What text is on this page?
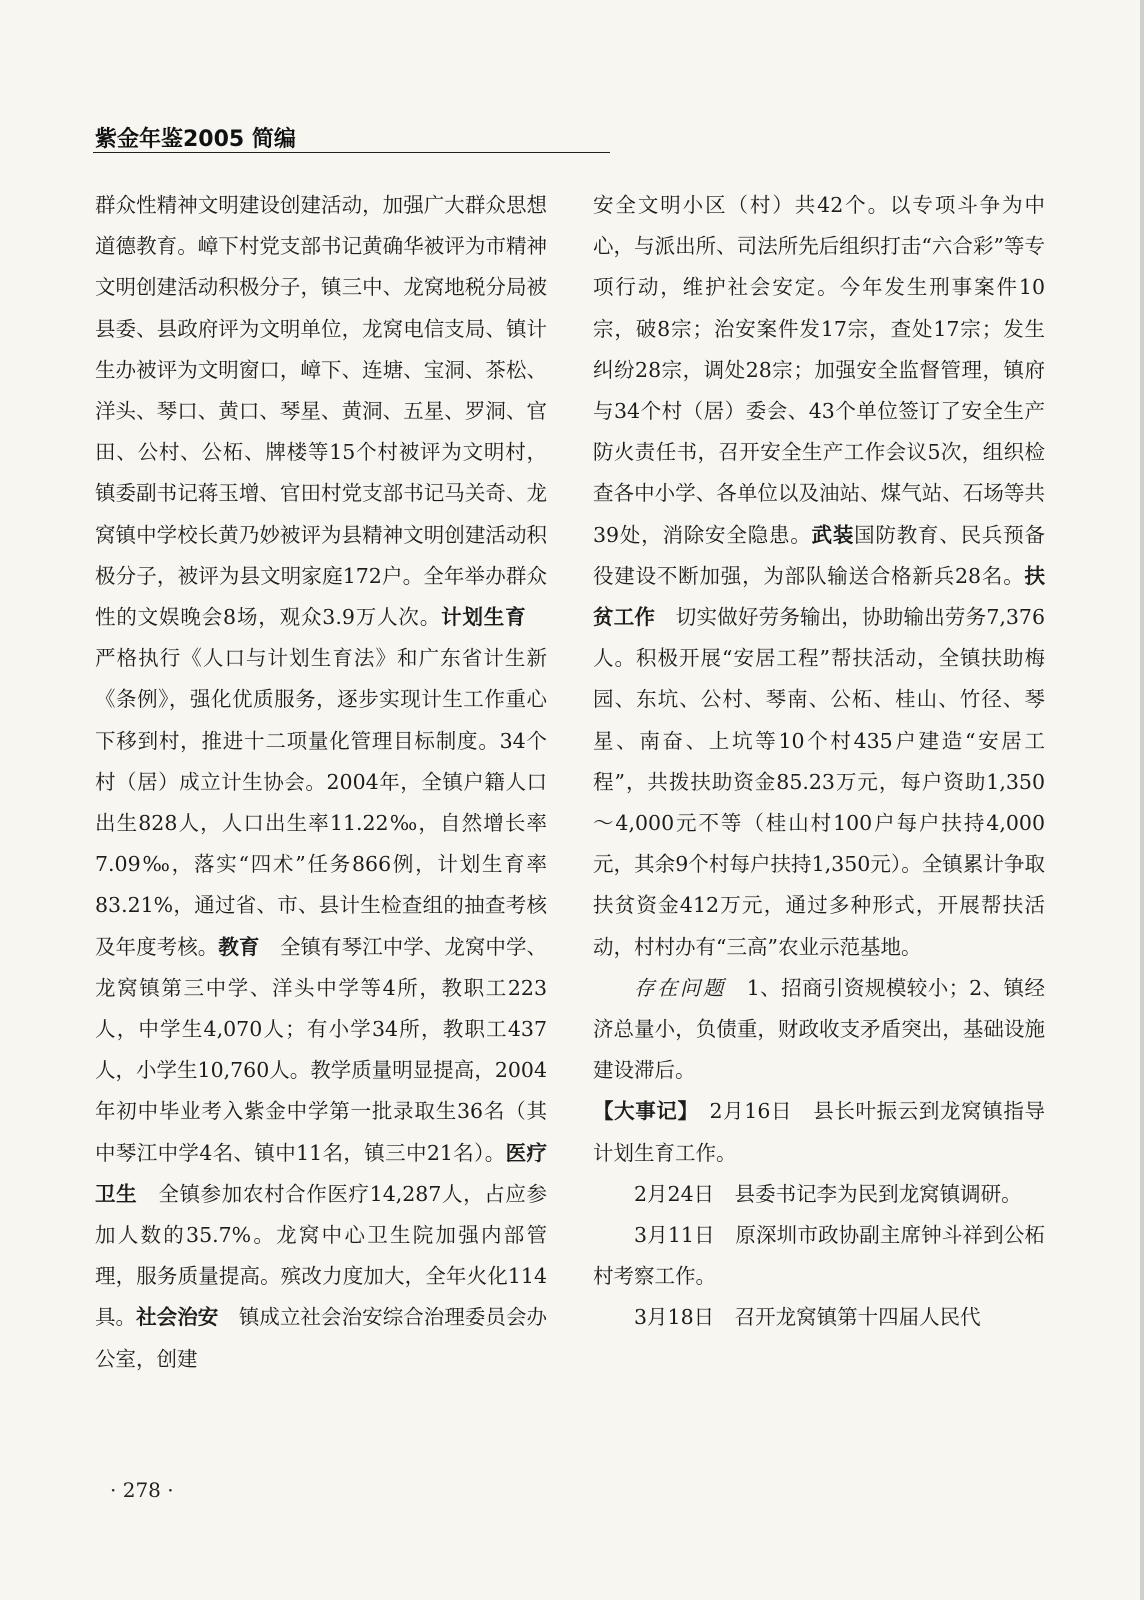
紫金年鉴2005 简编

群众性精神文明建设创建活动，加强广大群众思想道德教育。嶂下村党支部书记黄确华被评为市精神文明创建活动积极分子，镇三中、龙窝地税分局被县委、县政府评为文明单位，龙窝电信支局、镇计生办被评为文明窗口，嶂下、连塘、宝洞、茶松、洋头、琴口、黄口、琴星、黄洞、五星、罗洞、官田、公村、公柘、牌楼等15个村被评为文明村，镇委副书记蒋玉增、官田村党支部书记马关奇、龙窝镇中学校长黄乃妙被评为县精神文明创建活动积极分子，被评为县文明家庭172户。全年举办群众性的文娱晚会8场，观众3.9万人次。计划生育　严格执行《人口与计划生育法》和广东省计生新《条例》，强化优质服务，逐步实现计生工作重心下移到村，推进十二项量化管理目标制度。34个村（居）成立计生协会。2004年，全镇户籍人口出生828人，人口出生率11.22‰，自然增长率7.09‰，落实“四术”任务866例，计划生育率83.21%，通过省、市、县计生检查组的抽查考核及年度考核。教育　全镇有琴江中学、龙窝中学、龙窝镇第三中学、洋头中学等4所，教职工223人，中学生4,070人；有小学34所，教职工437人，小学生10,760人。教学质量明显提高，2004年初中毕业考入紫金中学第一批录取生36名（其中琴江中学4名、镇中11名，镇三中21名）。医疗卫生　全镇参加农村合作医疗14,287人，占应参加人数的35.7%。龙窝中心卫生院加强内部管理，服务质量提高。殡改力度加大，全年火化114具。社会治安　镇成立社会治安综合治理委员会办公室，创建

安全文明小区（村）共42个。以专项斗争为中心，与派出所、司法所先后组织打击“六合彩”等专项行动，维护社会安定。今年发生刑事案件10宗，破8宗；治安案件发17宗，查处17宗；发生纠纷28宗，调处28宗；加强安全监督管理，镇府与34个村（居）委会、43个单位签订了安全生产防火责任书，召开安全生产工作会议5次，组织检查各中小学、各单位以及油站、煤气站、石场等共39处，消除安全隐患。武装国防教育、民兵预备役建设不断加强，为部队输送合格新兵28名。扶贫工作　切实做好劳务输出，协助输出劳务7,376人。积极开展“安居工程”帮扶活动，全镇扶助梅园、东坑、公村、琴南、公柘、桂山、竹径、琴星、南奋、上坑等10个村435户建造“安居工程”，共拨扶助资金85.23万元，每户资助1,350～4,000元不等（桂山村100户每户扶持4,000元，其余9个村每户扶持1,350元）。全镇累计争取扶贫资金412万元，通过多种形式，开展帮扶活动，村村办有“三高”农业示范基地。

存在问题　1、招商引资规模较小；2、镇经济总量小，负债重，财政收支矛盾突出，基础设施建设滞后。

【大事记】　2月16日　县长叶振云到龙窝镇指导计划生育工作。

2月24日　县委书记李为民到龙窝镇调研。

3月11日　原深圳市政协副主席钟斗祥到公柘村考察工作。

3月18日　召开龙窝镇第十四届人民代

· 278 ·
